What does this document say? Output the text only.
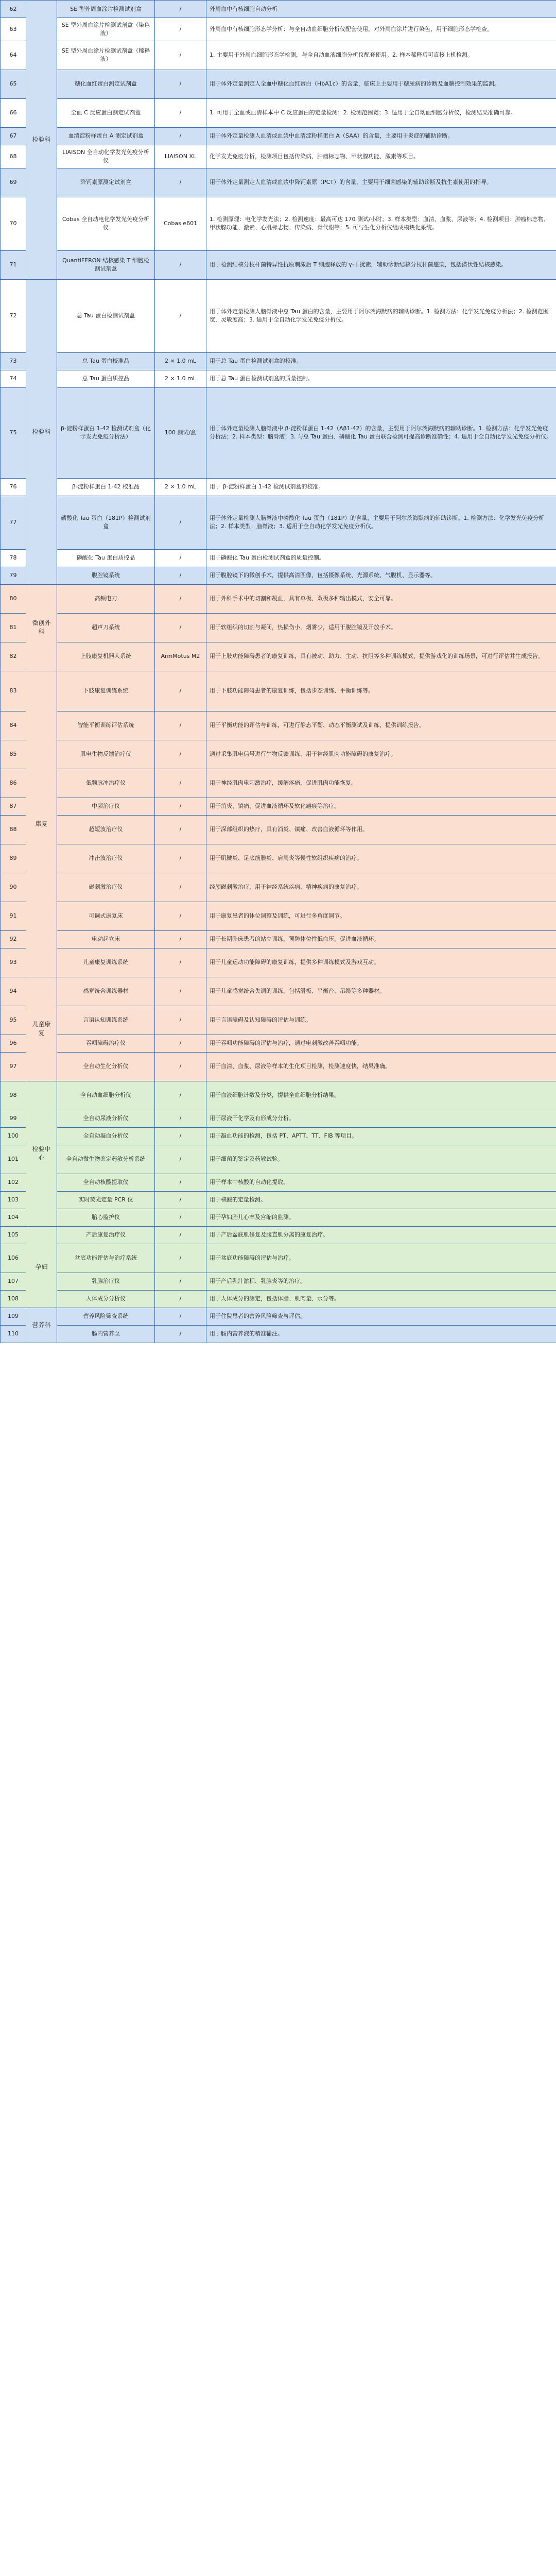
62	检验科	SE 型外周血涂片检测试剂盒	/	外周血中有核细胞自动分析
63		SE 型外周血涂片检测试剂盒（染色液）	/	外周血中有核细胞形态学分析：与全自动血细胞分析仪配套使用，对外周血涂片进行染色，用于细胞形态学检查。
64		SE 型外周血涂片检测试剂盒（稀释液）	/	1. 主要用于外周血细胞形态学检测，与全自动血液细胞分析仪配套使用。2. 样本稀释后可直接上机检测。
65		糖化血红蛋白测定试剂盒	/	用于体外定量测定人全血中糖化血红蛋白（HbA1c）的含量，临床上主要用于糖尿病的诊断及血糖控制效果的监测。
66		全血 C 反应蛋白测定试剂盒	/	1. 可用于全血或血清样本中 C 反应蛋白的定量检测；2. 检测范围宽；3. 适用于全自动血细胞分析仪，检测结果准确可靠。
67		血清淀粉样蛋白 A 测定试剂盒	/	用于体外定量检测人血清或血浆中血清淀粉样蛋白 A（SAA）的含量，主要用于炎症的辅助诊断。
68		LIAISON 全自动化学发光免疫分析仪	LIAISON XL	化学发光免疫分析，检测项目包括传染病、肿瘤标志物、甲状腺功能、激素等项目。
69		降钙素原测定试剂盒	/	用于体外定量测定人血清或血浆中降钙素原（PCT）的含量，主要用于细菌感染的辅助诊断及抗生素使用的指导。
70		Cobas 全自动电化学发光免疫分析仪	Cobas e601	1. 检测原理：电化学发光法；2. 检测速度：最高可达 170 测试/小时；3. 样本类型：血清、血浆、尿液等；4. 检测项目：肿瘤标志物、甲状腺功能、激素、心肌标志物、传染病、骨代谢等；5. 可与生化分析仪组成模块化系统。
71		QuantiFERON 结核感染 T 细胞检测试剂盒	/	用于检测结核分枝杆菌特异性抗原刺激后 T 细胞释放的 γ-干扰素，辅助诊断结核分枝杆菌感染，包括潜伏性结核感染。
72	检验科	总 Tau 蛋白检测试剂盒	/	用于体外定量检测人脑脊液中总 Tau 蛋白的含量，主要用于阿尔茨海默病的辅助诊断。1. 检测方法：化学发光免疫分析法；2. 检测范围宽，灵敏度高；3. 适用于全自动化学发光免疫分析仪。
73		总 Tau 蛋白校准品	2 × 1.0 mL	用于总 Tau 蛋白检测试剂盒的校准。
74		总 Tau 蛋白质控品	2 × 1.0 mL	用于总 Tau 蛋白检测试剂盒的质量控制。
75		β-淀粉样蛋白 1-42 检测试剂盒（化学发光免疫分析法）	100 测试/盒	用于体外定量检测人脑脊液中 β-淀粉样蛋白 1-42（Aβ1-42）的含量，主要用于阿尔茨海默病的辅助诊断。1. 检测方法：化学发光免疫分析法；2. 样本类型：脑脊液；3. 与总 Tau 蛋白、磷酸化 Tau 蛋白联合检测可提高诊断准确性；4. 适用于全自动化学发光免疫分析仪。
76		β-淀粉样蛋白 1-42 校准品	2 × 1.0 mL	用于 β-淀粉样蛋白 1-42 检测试剂盒的校准。
77		磷酸化 Tau 蛋白（181P）检测试剂盒	/	用于体外定量检测人脑脊液中磷酸化 Tau 蛋白（181P）的含量，主要用于阿尔茨海默病的辅助诊断。1. 检测方法：化学发光免疫分析法；2. 样本类型：脑脊液；3. 适用于全自动化学发光免疫分析仪。
78		磷酸化 Tau 蛋白质控品	/	用于磷酸化 Tau 蛋白检测试剂盒的质量控制。
79		腹腔镜系统	/	用于腹腔镜下的微创手术，提供高清图像，包括摄像系统、光源系统、气腹机、显示器等。
80	微创外科	高频电刀	/	用于外科手术中的切割和凝血，具有单极、双极多种输出模式，安全可靠。
81		超声刀系统	/	用于软组织的切割与凝闭，热损伤小，烟雾少，适用于腹腔镜及开放手术。
82		上肢康复机器人系统	ArmMotus M2	用于上肢功能障碍患者的康复训练，具有被动、助力、主动、抗阻等多种训练模式，提供游戏化的训练场景，可进行评估并生成报告。
83	康复	下肢康复训练系统	/	用于下肢功能障碍患者的康复训练，包括步态训练、平衡训练等。
84		智能平衡训练评估系统	/	用于平衡功能的评估与训练，可进行静态平衡、动态平衡测试及训练，提供训练报告。
85		肌电生物反馈治疗仪	/	通过采集肌电信号进行生物反馈训练，用于神经肌肉功能障碍的康复治疗。
86		低频脉冲治疗仪	/	用于神经肌肉电刺激治疗，缓解疼痛，促进肌肉功能恢复。
87		中频治疗仪	/	用于消炎、镇痛、促进血液循环及软化瘢痕等治疗。
88		超短波治疗仪	/	用于深部组织的热疗，具有消炎、镇痛、改善血液循环等作用。
89		冲击波治疗仪	/	用于肌腱炎、足底筋膜炎、肩周炎等慢性软组织疾病的治疗。
90		磁刺激治疗仪	/	经颅磁刺激治疗，用于神经系统疾病、精神疾病的康复治疗。
91		可调式康复床	/	用于康复患者的体位调整及训练，可进行多角度调节。
92		电动起立床	/	用于长期卧床患者的站立训练，预防体位性低血压，促进血液循环。
93		儿童康复训练系统	/	用于儿童运动功能障碍的康复训练，提供多种训练模式及游戏互动。
94	儿童康复	感觉统合训练器材	/	用于儿童感觉统合失调的训练，包括滑板、平衡台、吊缆等多种器材。
95		言语认知训练系统	/	用于言语障碍及认知障碍的评估与训练。
96		吞咽障碍治疗仪	/	用于吞咽功能障碍的评估与治疗，通过电刺激改善吞咽功能。
97		全自动生化分析仪	/	用于血清、血浆、尿液等样本的生化项目检测，检测速度快，结果准确。
98	检验中心	全自动血细胞分析仪	/	用于血液细胞计数及分类，提供全血细胞分析结果。
99		全自动尿液分析仪	/	用于尿液干化学及有形成分分析。
100		全自动凝血分析仪	/	用于凝血功能的检测，包括 PT、APTT、TT、FIB 等项目。
101		全自动微生物鉴定药敏分析系统	/	用于细菌的鉴定及药敏试验。
102		全自动核酸提取仪	/	用于样本中核酸的自动化提取。
103		实时荧光定量 PCR 仪	/	用于核酸的定量检测。
104		胎心监护仪	/	用于孕妇胎儿心率及宫缩的监测。
105	孕妇	产后康复治疗仪	/	用于产后盆底肌修复及腹直肌分离的康复治疗。
106		盆底功能评估与治疗系统	/	用于盆底功能障碍的评估与治疗。
107		乳腺治疗仪	/	用于产后乳汁淤积、乳腺炎等的治疗。
108		人体成分分析仪	/	用于人体成分的测定，包括体脂、肌肉量、水分等。
109	营养科	营养风险筛查系统	/	用于住院患者的营养风险筛查与评估。
110		肠内营养泵	/	用于肠内营养液的精准输注。
